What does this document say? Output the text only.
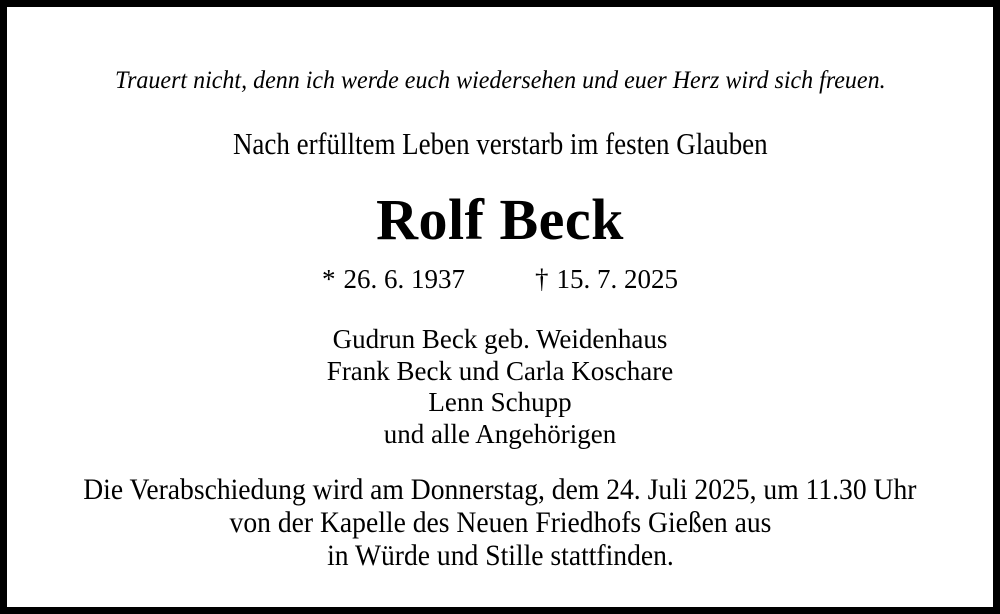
Trauert nicht, denn ich werde euch wiedersehen und euer Herz wird sich freuen.
Nach erfülltem Leben verstarb im festen Glauben
Rolf Beck
* 26. 6. 1937	† 15. 7. 2025
Gudrun Beck geb. Weidenhaus
Frank Beck und Carla Koschare
Lenn Schupp
und alle Angehörigen
Die Verabschiedung wird am Donnerstag, dem 24. Juli 2025, um 11.30 Uhr
von der Kapelle des Neuen Friedhofs Gießen aus
in Würde und Stille stattfinden.
